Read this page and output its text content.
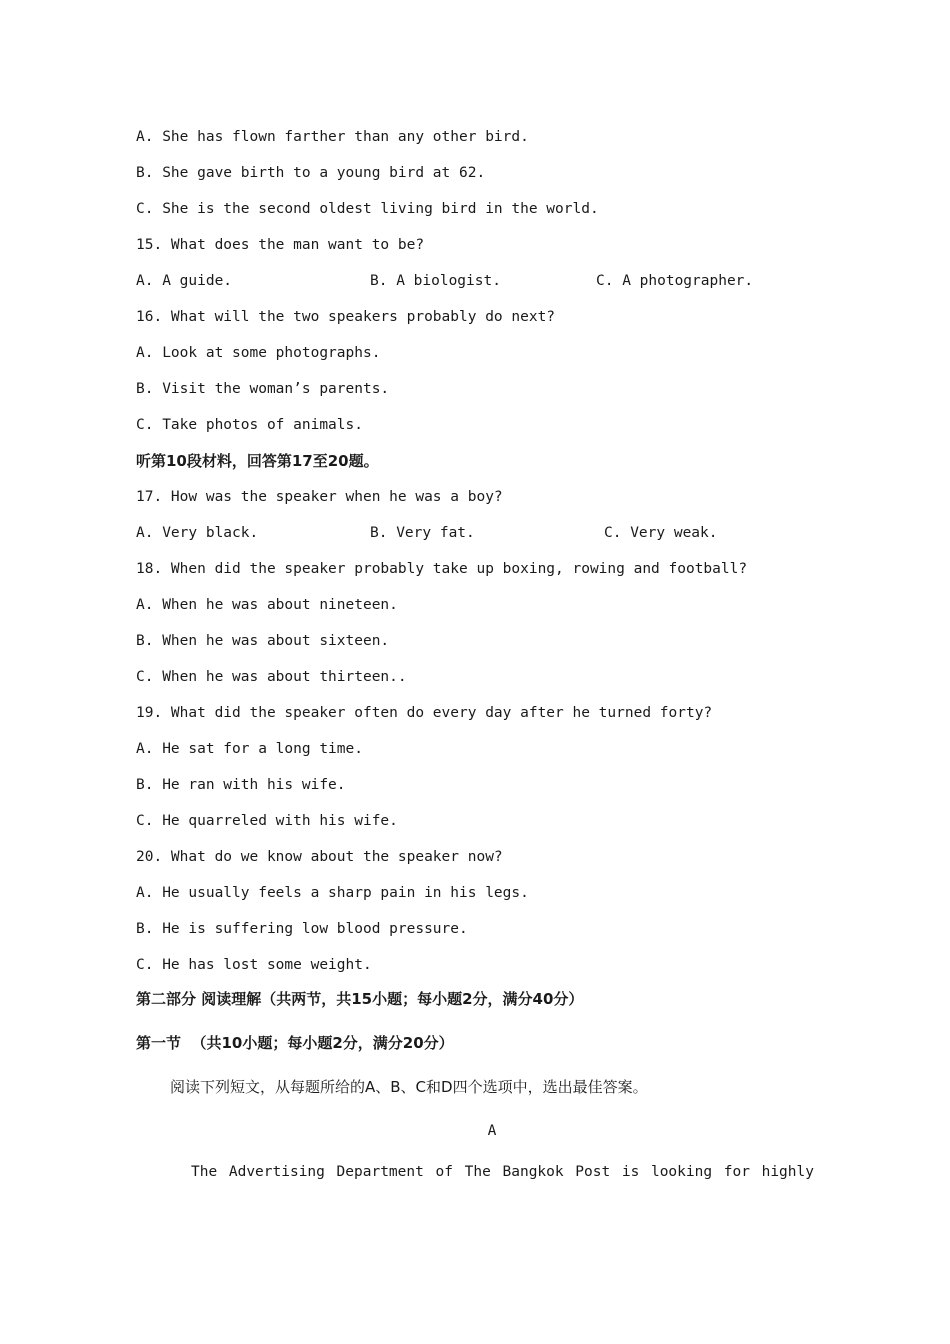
A. She has flown farther than any other bird.
B. She gave birth to a young bird at 62.
C. She is the second oldest living bird in the world.
15. What does the man want to be?
A. A guide.	B. A biologist.	C. A photographer.
16. What will the two speakers probably do next?
A. Look at some photographs.
B. Visit the woman’s parents.
C. Take photos of animals.
听第10段材料，回答第17至20题。
17. How was the speaker when he was a boy?
A. Very black.	B. Very fat.	C. Very weak.
18. When did the speaker probably take up boxing, rowing and football?
A. When he was about nineteen.
B. When he was about sixteen.
C. When he was about thirteen..
19. What did the speaker often do every day after he turned forty?
A. He sat for a long time.
B. He ran with his wife.
C. He quarreled with his wife.
20. What do we know about the speaker now?
A. He usually feels a sharp pain in his legs.
B. He is suffering low blood pressure.
C. He has lost some weight.
第二部分 阅读理解（共两节，共15小题；每小题2分，满分40分）
第一节  （共10小题；每小题2分，满分20分）
阅读下列短文，从每题所给的A、B、C和D四个选项中，选出最佳答案。
A
The Advertising Department of The Bangkok Post is looking for highly
